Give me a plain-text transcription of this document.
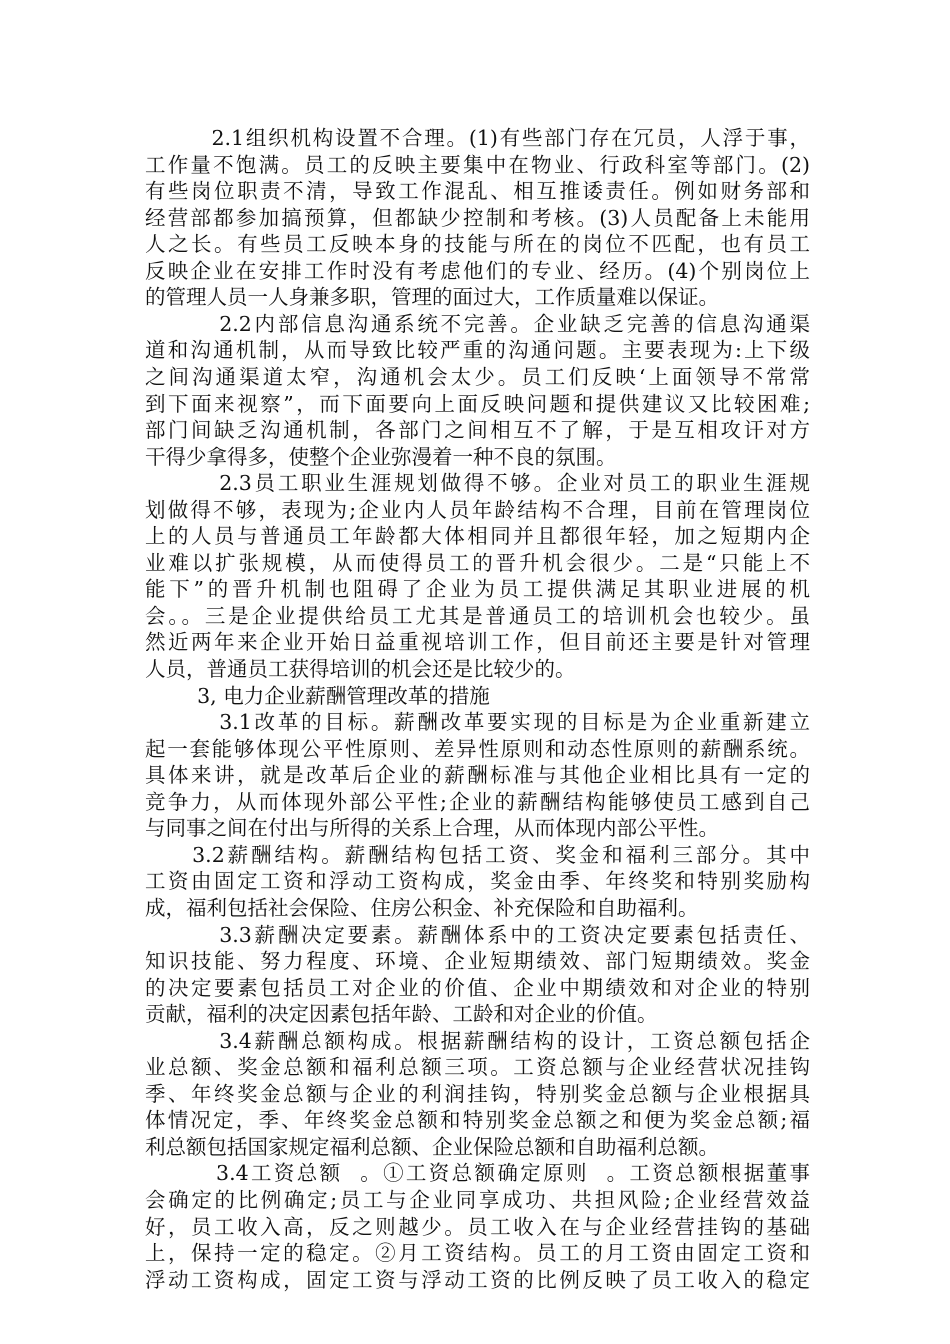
2.1组织机构设置不合理。(1)有些部门存在冗员，人浮于事，
工作量不饱满。员工的反映主要集中在物业、行政科室等部门。(2)
有些岗位职责不清，导致工作混乱、相互推诿责任。例如财务部和
经营部都参加搞预算，但都缺少控制和考核。(3)人员配备上未能用
人之长。有些员工反映本身的技能与所在的岗位不匹配，也有员工
反映企业在安排工作时没有考虑他们的专业、经历。(4)个别岗位上
的管理人员一人身兼多职，管理的面过大，工作质量难以保证。
2.2内部信息沟通系统不完善。企业缺乏完善的信息沟通渠
道和沟通机制，从而导致比较严重的沟通问题。主要表现为:上下级
之间沟通渠道太窄，沟通机会太少。员工们反映‘上面领导不常常
到下面来视察”，而下面要向上面反映问题和提供建议又比较困难;
部门间缺乏沟通机制，各部门之间相互不了解，于是互相攻讦对方
干得少拿得多，使整个企业弥漫着一种不良的氛围。
2.3员工职业生涯规划做得不够。企业对员工的职业生涯规
划做得不够，表现为;企业内人员年龄结构不合理，目前在管理岗位
上的人员与普通员工年龄都大体相同并且都很年轻，加之短期内企
业难以扩张规模，从而使得员工的晋升机会很少。二是“只能上不
能下”的晋升机制也阻碍了企业为员工提供满足其职业进展的机
会。。三是企业提供给员工尤其是普通员工的培训机会也较少。虽
然近两年来企业开始日益重视培训工作，但目前还主要是针对管理
人员，普通员工获得培训的机会还是比较少的。
3, 电力企业薪酬管理改革的措施
3.1改革的目标。薪酬改革要实现的目标是为企业重新建立
起一套能够体现公平性原则、差异性原则和动态性原则的薪酬系统。
具体来讲，就是改革后企业的薪酬标准与其他企业相比具有一定的
竞争力，从而体现外部公平性;企业的薪酬结构能够使员工感到自己
与同事之间在付出与所得的关系上合理，从而体现内部公平性。
3.2薪酬结构。薪酬结构包括工资、奖金和福利三部分。其中
工资由固定工资和浮动工资构成，奖金由季、年终奖和特别奖励构
成，福利包括社会保险、住房公积金、补充保险和自助福利。
3.3薪酬决定要素。薪酬体系中的工资决定要素包括责任、
知识技能、努力程度、环境、企业短期绩效、部门短期绩效。奖金
的决定要素包括员工对企业的价值、企业中期绩效和对企业的特别
贡献，福利的决定因素包括年龄、工龄和对企业的价值。
3.4薪酬总额构成。根据薪酬结构的设计，工资总额包括企
业总额、奖金总额和福利总额三项。工资总额与企业经营状况挂钩
季、年终奖金总额与企业的利润挂钩，特别奖金总额与企业根据具
体情况定，季、年终奖金总额和特别奖金总额之和便为奖金总额;福
利总额包括国家规定福利总额、企业保险总额和自助福利总额。
3.4工资总额  。①工资总额确定原则  。工资总额根据董事
会确定的比例确定;员工与企业同享成功、共担风险;企业经营效益
好，员工收入高，反之则越少。员工收入在与企业经营挂钩的基础
上，保持一定的稳定。②月工资结构。员工的月工资由固定工资和
浮动工资构成，固定工资与浮动工资的比例反映了员工收入的稳定
